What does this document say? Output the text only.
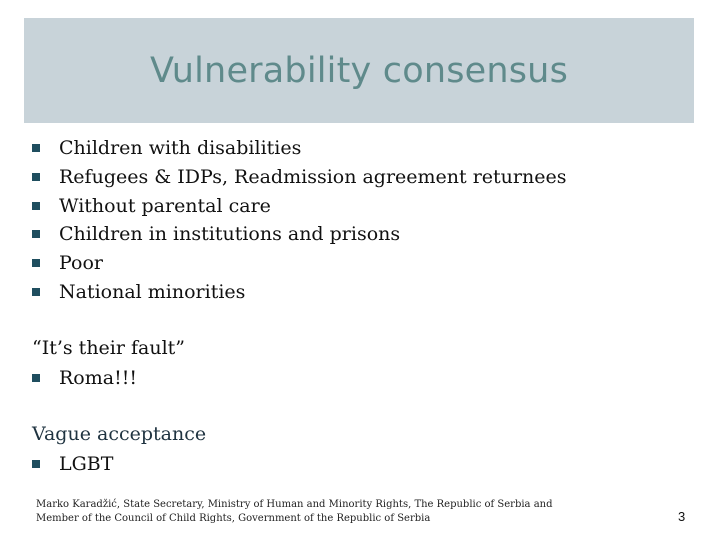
Vulnerability consensus
Children with disabilities
Refugees & IDPs, Readmission agreement returnees
Without parental care
Children in institutions and prisons
Poor
National minorities
“It’s their fault”
Roma!!!
Vague acceptance
LGBT
Marko Karadžić, State Secretary, Ministry of Human and Minority Rights, The Republic of Serbia and
Member of the Council of Child Rights, Government of the Republic of Serbia	3
